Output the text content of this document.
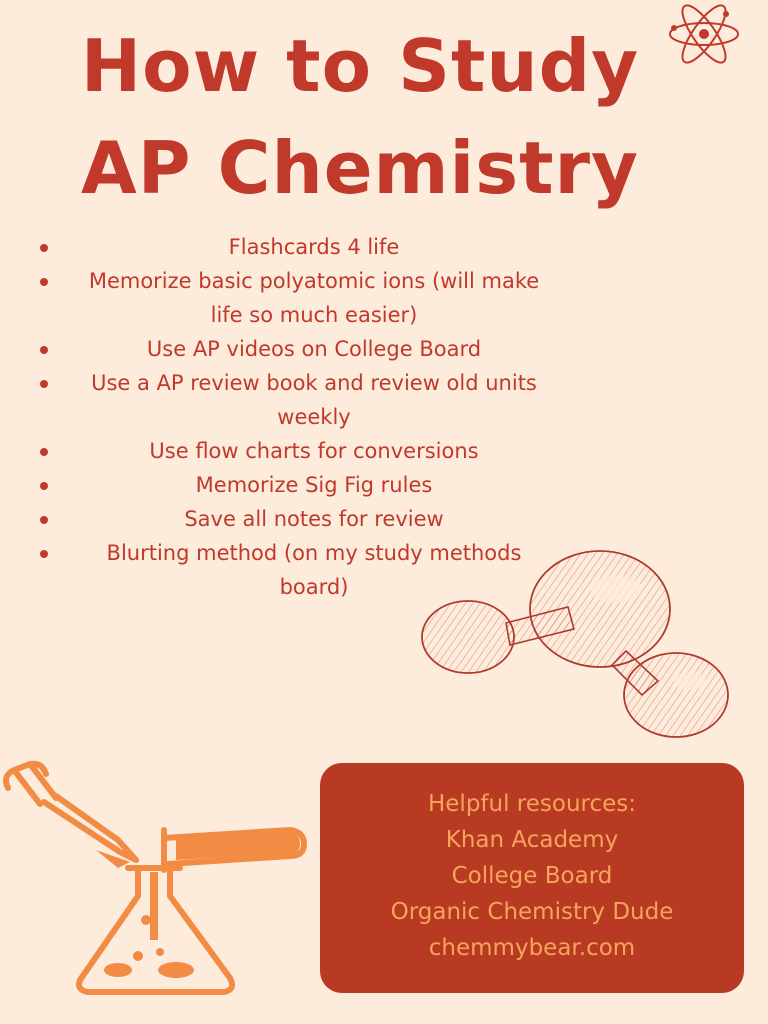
How to Study
AP Chemistry
Flashcards 4 life
Memorize basic polyatomic ions (will make life so much easier)
Use AP videos on College Board
Use a AP review book and review old units weekly
Use flow charts for conversions
Memorize Sig Fig rules
Save all notes for review
Blurting method (on my study methods board)
Helpful resources:
Khan Academy
College Board
Organic Chemistry Dude
chemmybear.com
